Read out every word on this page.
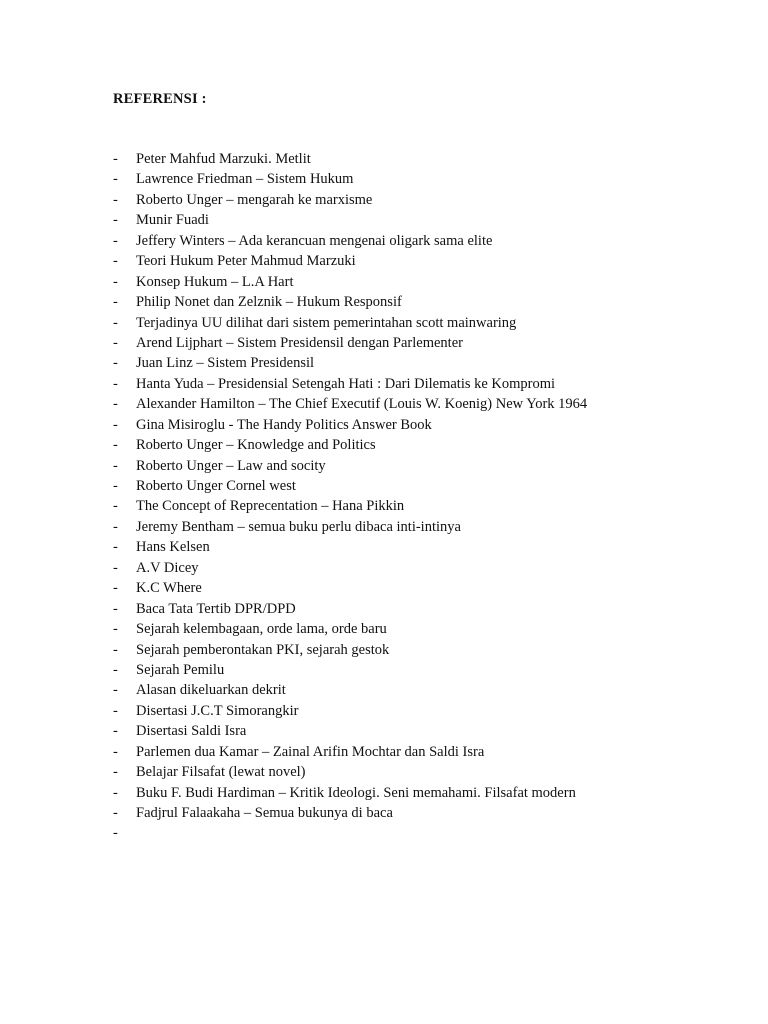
REFERENSI :
-	Peter Mahfud Marzuki. Metlit
-	Lawrence Friedman – Sistem Hukum
-	Roberto Unger – mengarah ke marxisme
-	Munir Fuadi
-	Jeffery Winters – Ada kerancuan mengenai oligark sama elite
-	Teori Hukum Peter Mahmud Marzuki
-	Konsep Hukum – L.A Hart
-	Philip Nonet dan Zelznik – Hukum Responsif
-	Terjadinya UU dilihat dari sistem pemerintahan scott mainwaring
-	Arend Lijphart – Sistem Presidensil dengan Parlementer
-	Juan Linz – Sistem Presidensil
-	Hanta Yuda – Presidensial Setengah Hati : Dari Dilematis ke Kompromi
-	Alexander Hamilton – The Chief Executif (Louis W. Koenig) New York 1964
-	Gina Misiroglu - The Handy Politics Answer Book
-	Roberto Unger – Knowledge and Politics
-	Roberto Unger – Law and socity
-	Roberto Unger Cornel west
-	The Concept of Reprecentation – Hana Pikkin
-	Jeremy Bentham – semua buku perlu dibaca inti-intinya
-	Hans Kelsen
-	A.V Dicey
-	K.C Where
-	Baca Tata Tertib DPR/DPD
-	Sejarah kelembagaan, orde lama, orde baru
-	Sejarah pemberontakan PKI, sejarah gestok
-	Sejarah Pemilu
-	Alasan dikeluarkan dekrit
-	Disertasi J.C.T Simorangkir
-	Disertasi Saldi Isra
-	Parlemen dua Kamar – Zainal Arifin Mochtar dan Saldi Isra
-	Belajar Filsafat (lewat novel)
-	Buku F. Budi Hardiman – Kritik Ideologi. Seni memahami. Filsafat modern
-	Fadjrul Falaakaha – Semua bukunya di baca
-
